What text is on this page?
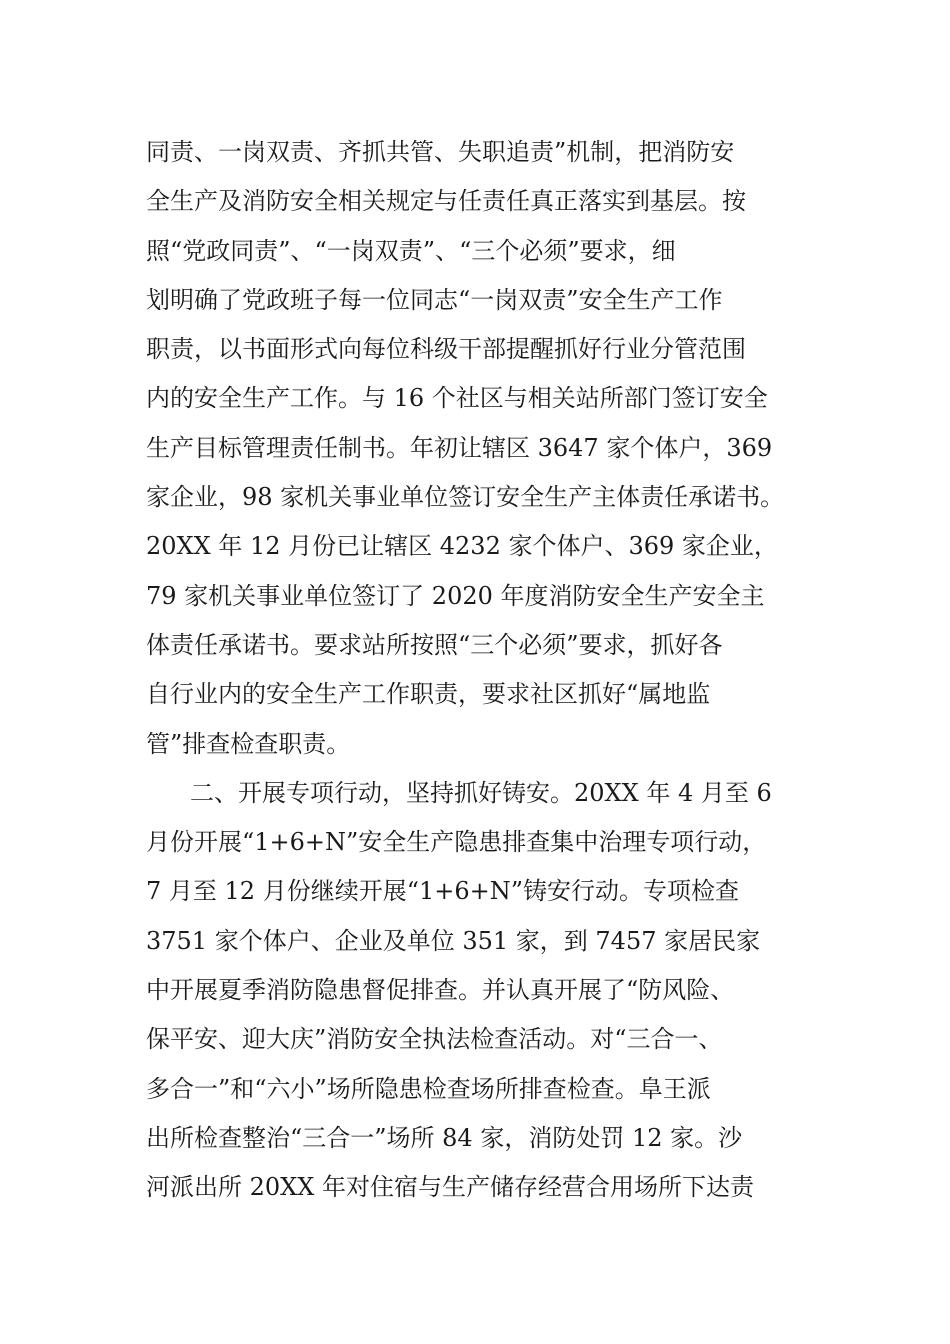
同责、一岗双责、齐抓共管、失职追责”机制，把消防安
全生产及消防安全相关规定与任责任真正落实到基层。按
照“党政同责”、“一岗双责”、“三个必须”要求，细
划明确了党政班子每一位同志“一岗双责”安全生产工作
职责，以书面形式向每位科级干部提醒抓好行业分管范围
内的安全生产工作。与 16 个社区与相关站所部门签订安全
生产目标管理责任制书。年初让辖区 3647 家个体户，369
家企业，98 家机关事业单位签订安全生产主体责任承诺书。
20XX 年 12 月份已让辖区 4232 家个体户、369 家企业，
79 家机关事业单位签订了 2020 年度消防安全生产安全主
体责任承诺书。要求站所按照“三个必须”要求，抓好各
自行业内的安全生产工作职责，要求社区抓好“属地监
管”排查检查职责。
二、开展专项行动，坚持抓好铸安。20XX 年 4 月至 6
月份开展“1+6+N”安全生产隐患排查集中治理专项行动，
7 月至 12 月份继续开展“1+6+N”铸安行动。专项检查
3751 家个体户、企业及单位 351 家，到 7457 家居民家
中开展夏季消防隐患督促排查。并认真开展了“防风险、
保平安、迎大庆”消防安全执法检查活动。对“三合一、
多合一”和“六小”场所隐患检查场所排查检查。阜王派
出所检查整治“三合一”场所 84 家，消防处罚 12 家。沙
河派出所 20XX 年对住宿与生产储存经营合用场所下达责
